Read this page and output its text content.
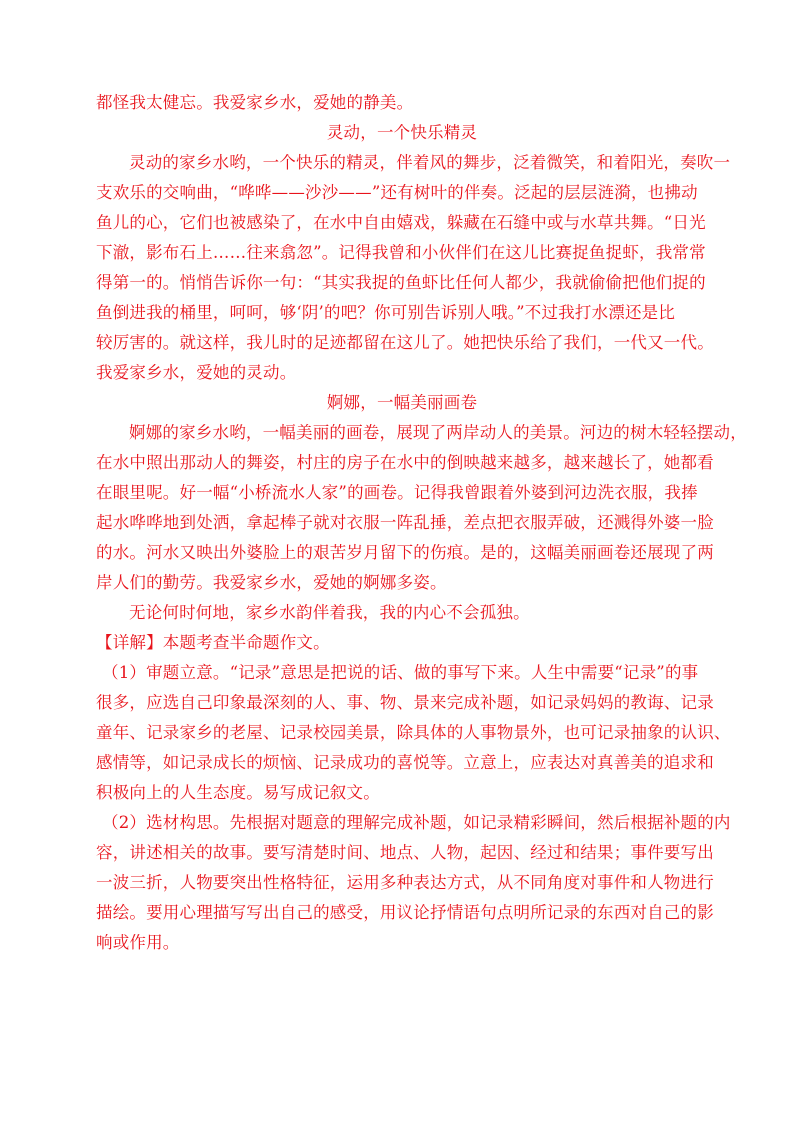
都怪我太健忘。我爱家乡水，爱她的静美。

灵动，一个快乐精灵

灵动的家乡水哟，一个快乐的精灵，伴着风的舞步，泛着微笑，和着阳光，奏吹一

支欢乐的交响曲，“哗哗——沙沙——”还有树叶的伴奏。泛起的层层涟漪，也拂动

鱼儿的心，它们也被感染了，在水中自由嬉戏，躲藏在石缝中或与水草共舞。“日光

下澈，影布石上……往来翕忽”。记得我曾和小伙伴们在这儿比赛捉鱼捉虾，我常常

得第一的。悄悄告诉你一句：“其实我捉的鱼虾比任何人都少，我就偷偷把他们捉的

鱼倒进我的桶里，呵呵，够‘阴’的吧？你可别告诉别人哦。”不过我打水漂还是比

较厉害的。就这样，我儿时的足迹都留在这儿了。她把快乐给了我们，一代又一代。

我爱家乡水，爱她的灵动。

婀娜，一幅美丽画卷

婀娜的家乡水哟，一幅美丽的画卷，展现了两岸动人的美景。河边的树木轻轻摆动，

在水中照出那动人的舞姿，村庄的房子在水中的倒映越来越多，越来越长了，她都看

在眼里呢。好一幅“小桥流水人家”的画卷。记得我曾跟着外婆到河边洗衣服，我捧

起水哗哗地到处洒，拿起棒子就对衣服一阵乱捶，差点把衣服弄破，还溅得外婆一脸

的水。河水又映出外婆脸上的艰苦岁月留下的伤痕。是的，这幅美丽画卷还展现了两

岸人们的勤劳。我爱家乡水，爱她的婀娜多姿。

无论何时何地，家乡水韵伴着我，我的内心不会孤独。

【详解】本题考查半命题作文。

（1）审题立意。“记录”意思是把说的话、做的事写下来。人生中需要“记录”的事

很多，应选自己印象最深刻的人、事、物、景来完成补题，如记录妈妈的教诲、记录

童年、记录家乡的老屋、记录校园美景，除具体的人事物景外，也可记录抽象的认识、

感情等，如记录成长的烦恼、记录成功的喜悦等。立意上，应表达对真善美的追求和

积极向上的人生态度。易写成记叙文。

（2）选材构思。先根据对题意的理解完成补题，如记录精彩瞬间，然后根据补题的内

容，讲述相关的故事。要写清楚时间、地点、人物，起因、经过和结果；事件要写出

一波三折，人物要突出性格特征，运用多种表达方式，从不同角度对事件和人物进行

描绘。要用心理描写写出自己的感受，用议论抒情语句点明所记录的东西对自己的影

响或作用。
